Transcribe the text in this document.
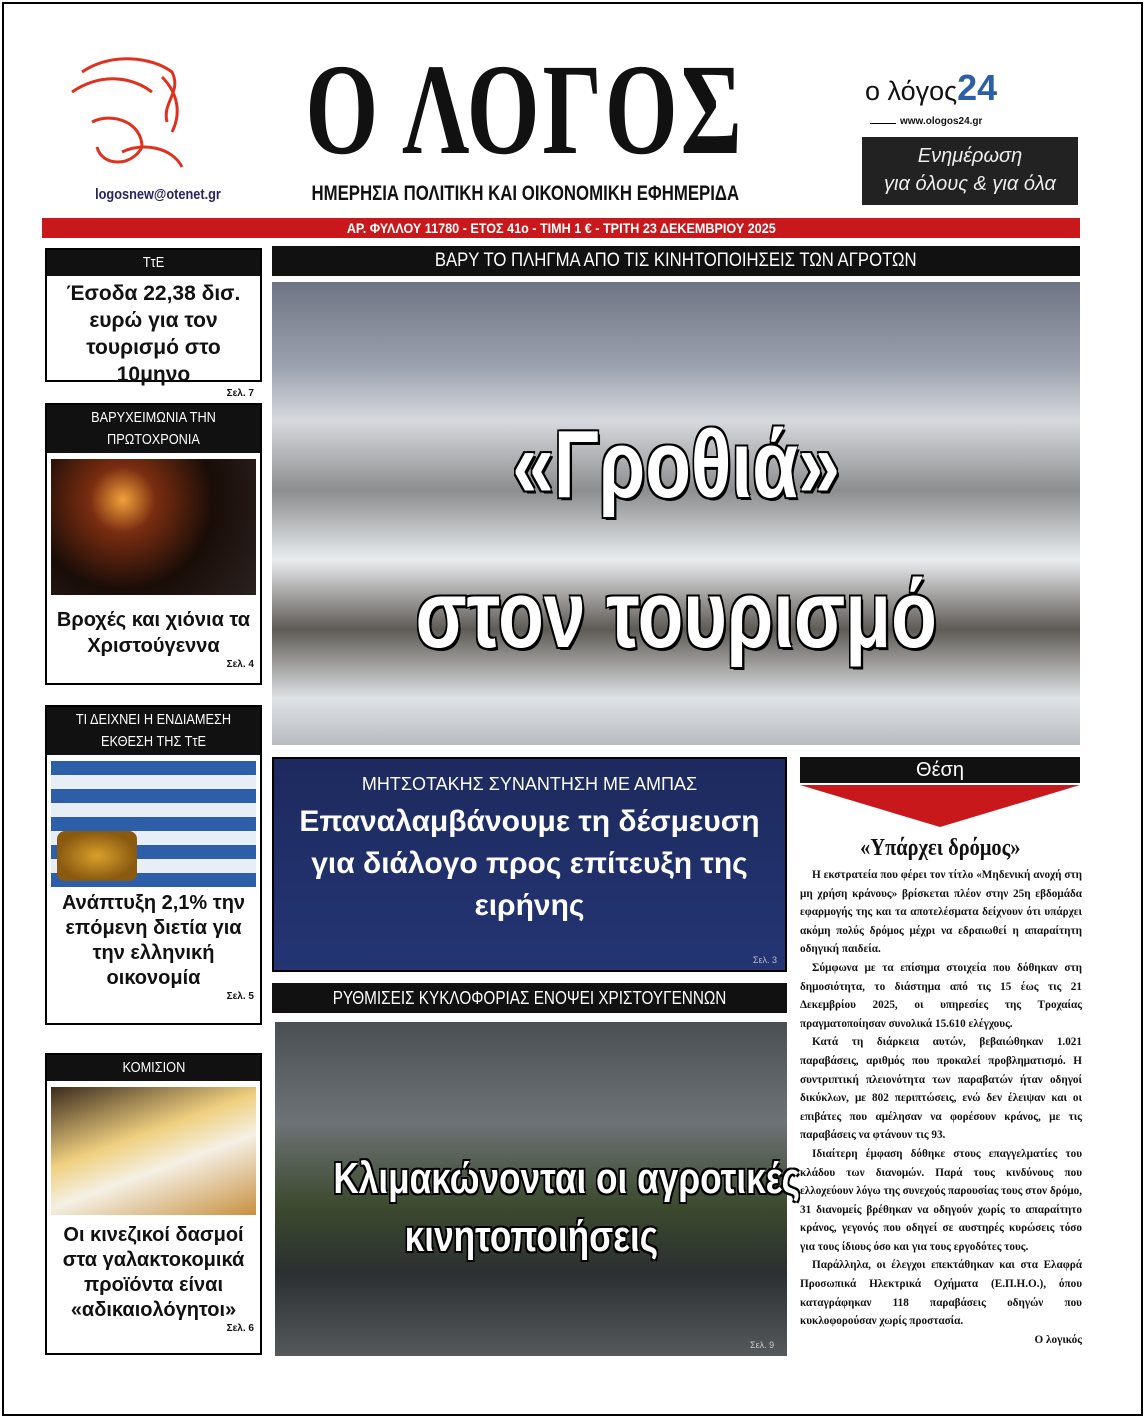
logosnew@otenet.gr
Ο ΛΟΓΟΣ
ΗΜΕΡΗΣΙΑ ΠΟΛΙΤΙΚΗ ΚΑΙ ΟΙΚΟΝΟΜΙΚΗ ΕΦΗΜΕΡΙΔΑ
ο λόγος24
www.ologos24.gr
Ενημέρωση
για όλους & για όλα
ΑΡ. ΦΥΛΛΟΥ 11780 - ΕΤΟΣ 41ο - ΤΙΜΗ 1 € - ΤΡΙΤΗ 23 ΔΕΚΕΜΒΡΙΟΥ 2025
ΤτΕ
Έσοδα 22,38 δισ. ευρώ για τον τουρισμό στο 10μηνο
Σελ. 7
ΒΑΡΥΧΕΙΜΩΝΙΑ ΤΗΝ ΠΡΩΤΟΧΡΟΝΙΑ
Βροχές και χιόνια τα Χριστούγεννα
Σελ. 4
ΤΙ ΔΕΙΧΝΕΙ Η ΕΝΔΙΑΜΕΣΗ ΕΚΘΕΣΗ ΤΗΣ ΤτΕ
Ανάπτυξη 2,1% την επόμενη διετία για την ελληνική οικονομία
Σελ. 5
ΚΟΜΙΣΙΟΝ
Οι κινεζικοί δασμοί στα γαλακτοκομικά προϊόντα είναι «αδικαιολόγητοι»
Σελ. 6
ΒΑΡΥ ΤΟ ΠΛΗΓΜΑ ΑΠΟ ΤΙΣ ΚΙΝΗΤΟΠΟΙΗΣΕΙΣ ΤΩΝ ΑΓΡΟΤΩΝ
«Γροθιά»
στον τουρισμό
ΜΗΤΣΟΤΑΚΗΣ ΣΥΝΑΝΤΗΣΗ ΜΕ ΑΜΠΑΣ
Επαναλαμβάνουμε τη δέσμευση για διάλογο προς επίτευξη της ειρήνης
Σελ. 3
ΡΥΘΜΙΣΕΙΣ ΚΥΚΛΟΦΟΡΙΑΣ ΕΝΟΨΕΙ ΧΡΙΣΤΟΥΓΕΝΝΩΝ
Κλιμακώνονται οι αγροτικές
κινητοποιήσεις
Σελ. 9
Θέση
«Υπάρχει δρόμος»

Η εκστρατεία που φέρει τον τίτλο «Μηδενική ανοχή στη μη χρήση κράνους» βρίσκεται πλέον στην 25η εβδομάδα εφαρμογής της και τα αποτελέσματα δείχνουν ότι υπάρχει ακόμη πολύς δρόμος μέχρι να εδραιωθεί η απαραίτητη οδηγική παιδεία.

Σύμφωνα με τα επίσημα στοιχεία που δόθηκαν στη δημοσιότητα, το διάστημα από τις 15 έως τις 21 Δεκεμβρίου 2025, οι υπηρεσίες της Τροχαίας πραγματοποίησαν συνολικά 15.610 ελέγχους.

Κατά τη διάρκεια αυτών, βεβαιώθηκαν 1.021 παραβάσεις, αριθμός που προκαλεί προβληματισμό. Η συντριπτική πλειονότητα των παραβατών ήταν οδηγοί δικύκλων, με 802 περιπτώσεις, ενώ δεν έλειψαν και οι επιβάτες που αμέλησαν να φορέσουν κράνος, με τις παραβάσεις να φτάνουν τις 93.

Ιδιαίτερη έμφαση δόθηκε στους επαγγελματίες του κλάδου των διανομών. Παρά τους κινδύνους που ελλοχεύουν λόγω της συνεχούς παρουσίας τους στον δρόμο, 31 διανομείς βρέθηκαν να οδηγούν χωρίς το απαραίτητο κράνος, γεγονός που οδηγεί σε αυστηρές κυρώσεις τόσο για τους ίδιους όσο και για τους εργοδότες τους.

Παράλληλα, οι έλεγχοι επεκτάθηκαν και στα Ελαφρά Προσωπικά Ηλεκτρικά Οχήματα (Ε.Π.Η.Ο.), όπου καταγράφηκαν 118 παραβάσεις οδηγών που κυκλοφορούσαν χωρίς προστασία.

Ο λογικός
